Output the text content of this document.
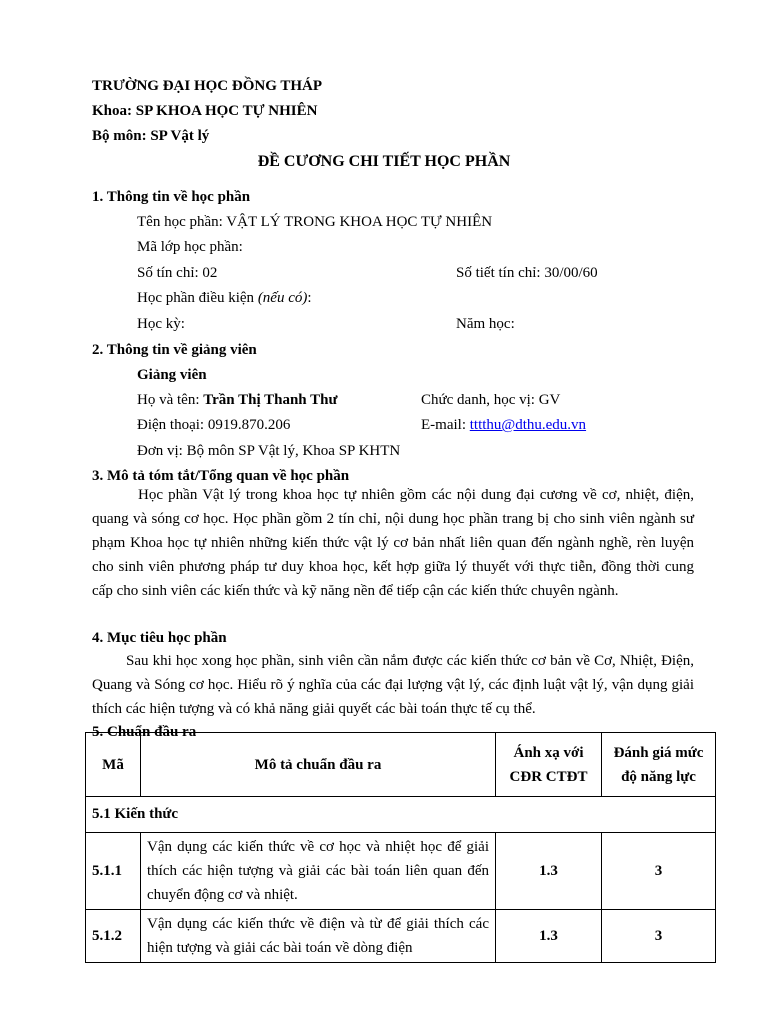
TRƯỜNG ĐẠI HỌC ĐỒNG THÁP
Khoa: SP KHOA HỌC TỰ NHIÊN
Bộ môn: SP Vật lý
ĐỀ CƯƠNG CHI TIẾT HỌC PHẦN
1. Thông tin về học phần
Tên học phần: VẬT LÝ TRONG KHOA HỌC TỰ NHIÊN
Mã lớp học phần:
Số tín chỉ: 02	Số tiết tín chỉ: 30/00/60
Học phần điều kiện (nếu có):
Học kỳ:	Năm học:
2. Thông tin về giảng viên
Giảng viên
Họ và tên: Trần Thị Thanh Thư	Chức danh, học vị: GV
Điện thoại: 0919.870.206	E-mail: tttthu@dthu.edu.vn
Đơn vị: Bộ môn SP Vật lý, Khoa SP KHTN
3. Mô tả tóm tắt/Tổng quan về học phần

Học phần Vật lý trong khoa học tự nhiên gồm các nội dung đại cương về cơ, nhiệt, điện, quang và sóng cơ học. Học phần gồm 2 tín chỉ, nội dung học phần trang bị cho sinh viên ngành sư phạm Khoa học tự nhiên những kiến thức vật lý cơ bản nhất liên quan đến ngành nghề, rèn luyện cho sinh viên phương pháp tư duy khoa học, kết hợp giữa lý thuyết với thực tiễn, đồng thời cung cấp cho sinh viên các kiến thức và kỹ năng nền để tiếp cận các kiến thức chuyên ngành.

4. Mục tiêu học phần

Sau khi học xong học phần, sinh viên cần nắm được các kiến thức cơ bản về Cơ, Nhiệt, Điện, Quang và Sóng cơ học. Hiểu rõ ý nghĩa của các đại lượng vật lý, các định luật vật lý, vận dụng giải thích các hiện tượng và có khả năng giải quyết các bài toán thực tế cụ thể.

5. Chuẩn đầu ra
Mã	Mô tả chuẩn đầu ra	Ánh xạ với CĐR CTĐT	Đánh giá mức độ năng lực
5.1 Kiến thức			
5.1.1	Vận dụng các kiến thức về cơ học và nhiệt học để giải thích các hiện tượng và giải các bài toán liên quan đến chuyển động cơ và nhiệt.	1.3	3
5.1.2	Vận dụng các kiến thức về điện và từ để giải thích các hiện tượng và giải các bài toán về dòng điện	1.3	3
